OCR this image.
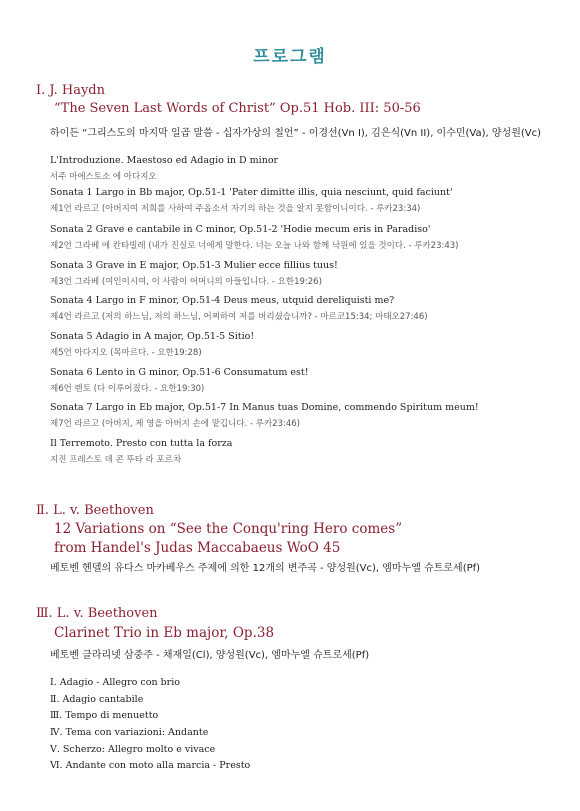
프로그램
I. J. Haydn
“The Seven Last Words of Christ” Op.51 Hob. III: 50-56
하이든 “그리스도의 마지막 일곱 말씀 - 십자가상의 칠언” - 이경선(Vn I), 김은식(Vn II), 이수민(Va), 양성원(Vc)
L'Introduzione. Maestoso ed Adagio in D minor
서주 마에스토소 에 아다지오
Sonata 1 Largo in Bb major, Op.51-1 'Pater dimitte illis, quia nesciunt, quid faciunt'
제1언 라르고 (아버지여 저희를 사하여 주옵소서 자기의 하는 것을 알지 못함이니이다. - 루카23:34)
Sonata 2 Grave e cantabile in C minor, Op.51-2 'Hodie mecum eris in Paradiso'
제2언 그라베 에 칸타빌레 (내가 진실로 너에게 말한다. 너는 오늘 나와 함께 낙원에 있을 것이다. - 루카23:43)
Sonata 3 Grave in E major, Op.51-3 Mulier ecce fillius tuus!
제3언 그라베 (여인이시여, 이 사람이 어머니의 아들입니다. - 요한19:26)
Sonata 4 Largo in F minor, Op.51-4 Deus meus, utquid dereliquisti me?
제4언 라르고 (저의 하느님, 저의 하느님, 어찌하여 저를 버리셨습니까? - 마르코15:34; 마태오27:46)
Sonata 5 Adagio in A major, Op.51-5 Sitio!
제5언 아다지오 (목마르다. - 요한19:28)
Sonata 6 Lento in G minor, Op.51-6 Consumatum est!
제6언 렌토 (다 이루어졌다. - 요한19:30)
Sonata 7 Largo in Eb major, Op.51-7 In Manus tuas Domine, commendo Spiritum meum!
제7언 라르고 (아버지, 제 영을 아버지 손에 맡깁니다. - 루카23:46)
Il Terremoto. Presto con tutta la forza
지진 프레스토 데 콘 뚜타 라 포르차
Ⅱ. L. v. Beethoven
12 Variations on “See the Conqu'ring Hero comes”
from Handel's Judas Maccabaeus WoO 45
베토벤 헨델의 유다스 마카베우스 주제에 의한 12개의 변주곡 - 양성원(Vc), 엠마누엘 슈트로세(Pf)
Ⅲ. L. v. Beethoven
Clarinet Trio in Eb major, Op.38
베토벤 클라리넷 삼중주 - 채재일(Cl), 양성원(Vc), 엠마누엘 슈트로세(Pf)
Ⅰ. Adagio - Allegro con brio
Ⅱ. Adagio cantabile
Ⅲ. Tempo di menuetto
Ⅳ. Tema con variazioni: Andante
Ⅴ. Scherzo: Allegro molto e vivace
Ⅵ. Andante con moto alla marcia - Presto
